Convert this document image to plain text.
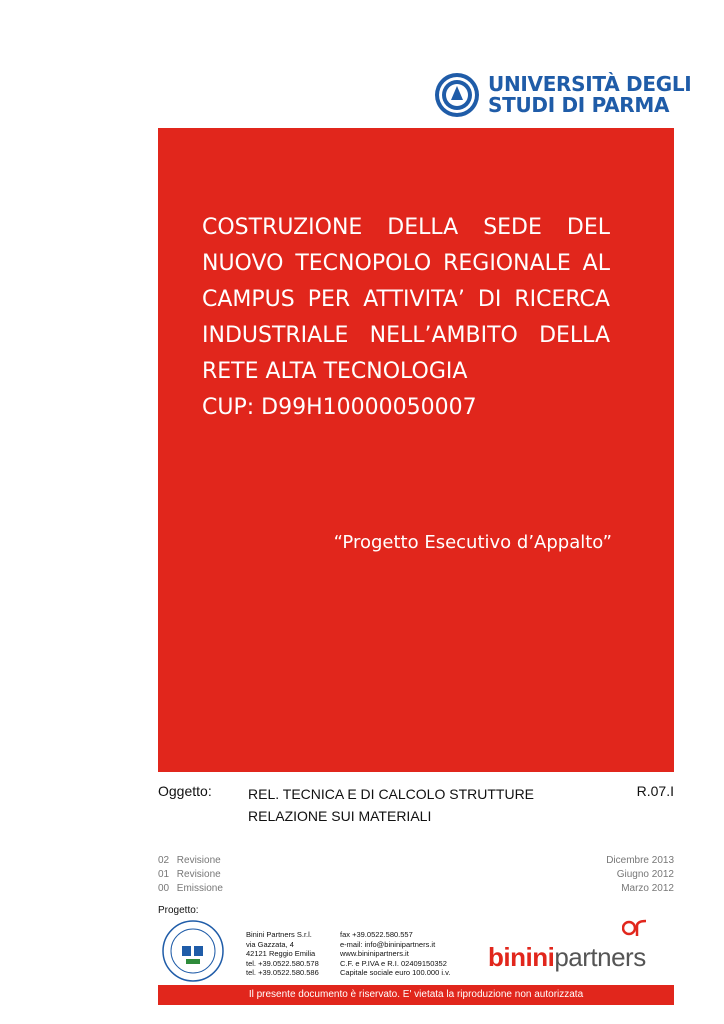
UNIVERSITÀ DEGLI
STUDI DI PARMA
COSTRUZIONE DELLA SEDE DEL
NUOVO TECNOPOLO REGIONALE AL
CAMPUS PER ATTIVITA’ DI RICERCA
INDUSTRIALE NELL’AMBITO DELLA
RETE ALTA TECNOLOGIA
CUP: D99H10000050007
“Progetto Esecutivo d’Appalto”
Oggetto:	REL. TECNICA E DI CALCOLO STRUTTURE
RELAZIONE SUI MATERIALI
R.07.I
02 Revisione
01 Revisione
00 Emissione
Dicembre 2013
Giugno 2012
Marzo 2012
Progetto:
Binini Partners S.r.l.
via Gazzata, 4
42121 Reggio Emilia
tel. +39.0522.580.578
tel. +39.0522.580.586
fax +39.0522.580.557
e-mail: info@bininipartners.it
www.bininipartners.it
C.F. e P.IVA e R.I. 02409150352
Capitale sociale euro 100.000 i.v.
bininipartners
Il presente documento è riservato. E' vietata la riproduzione non autorizzata
